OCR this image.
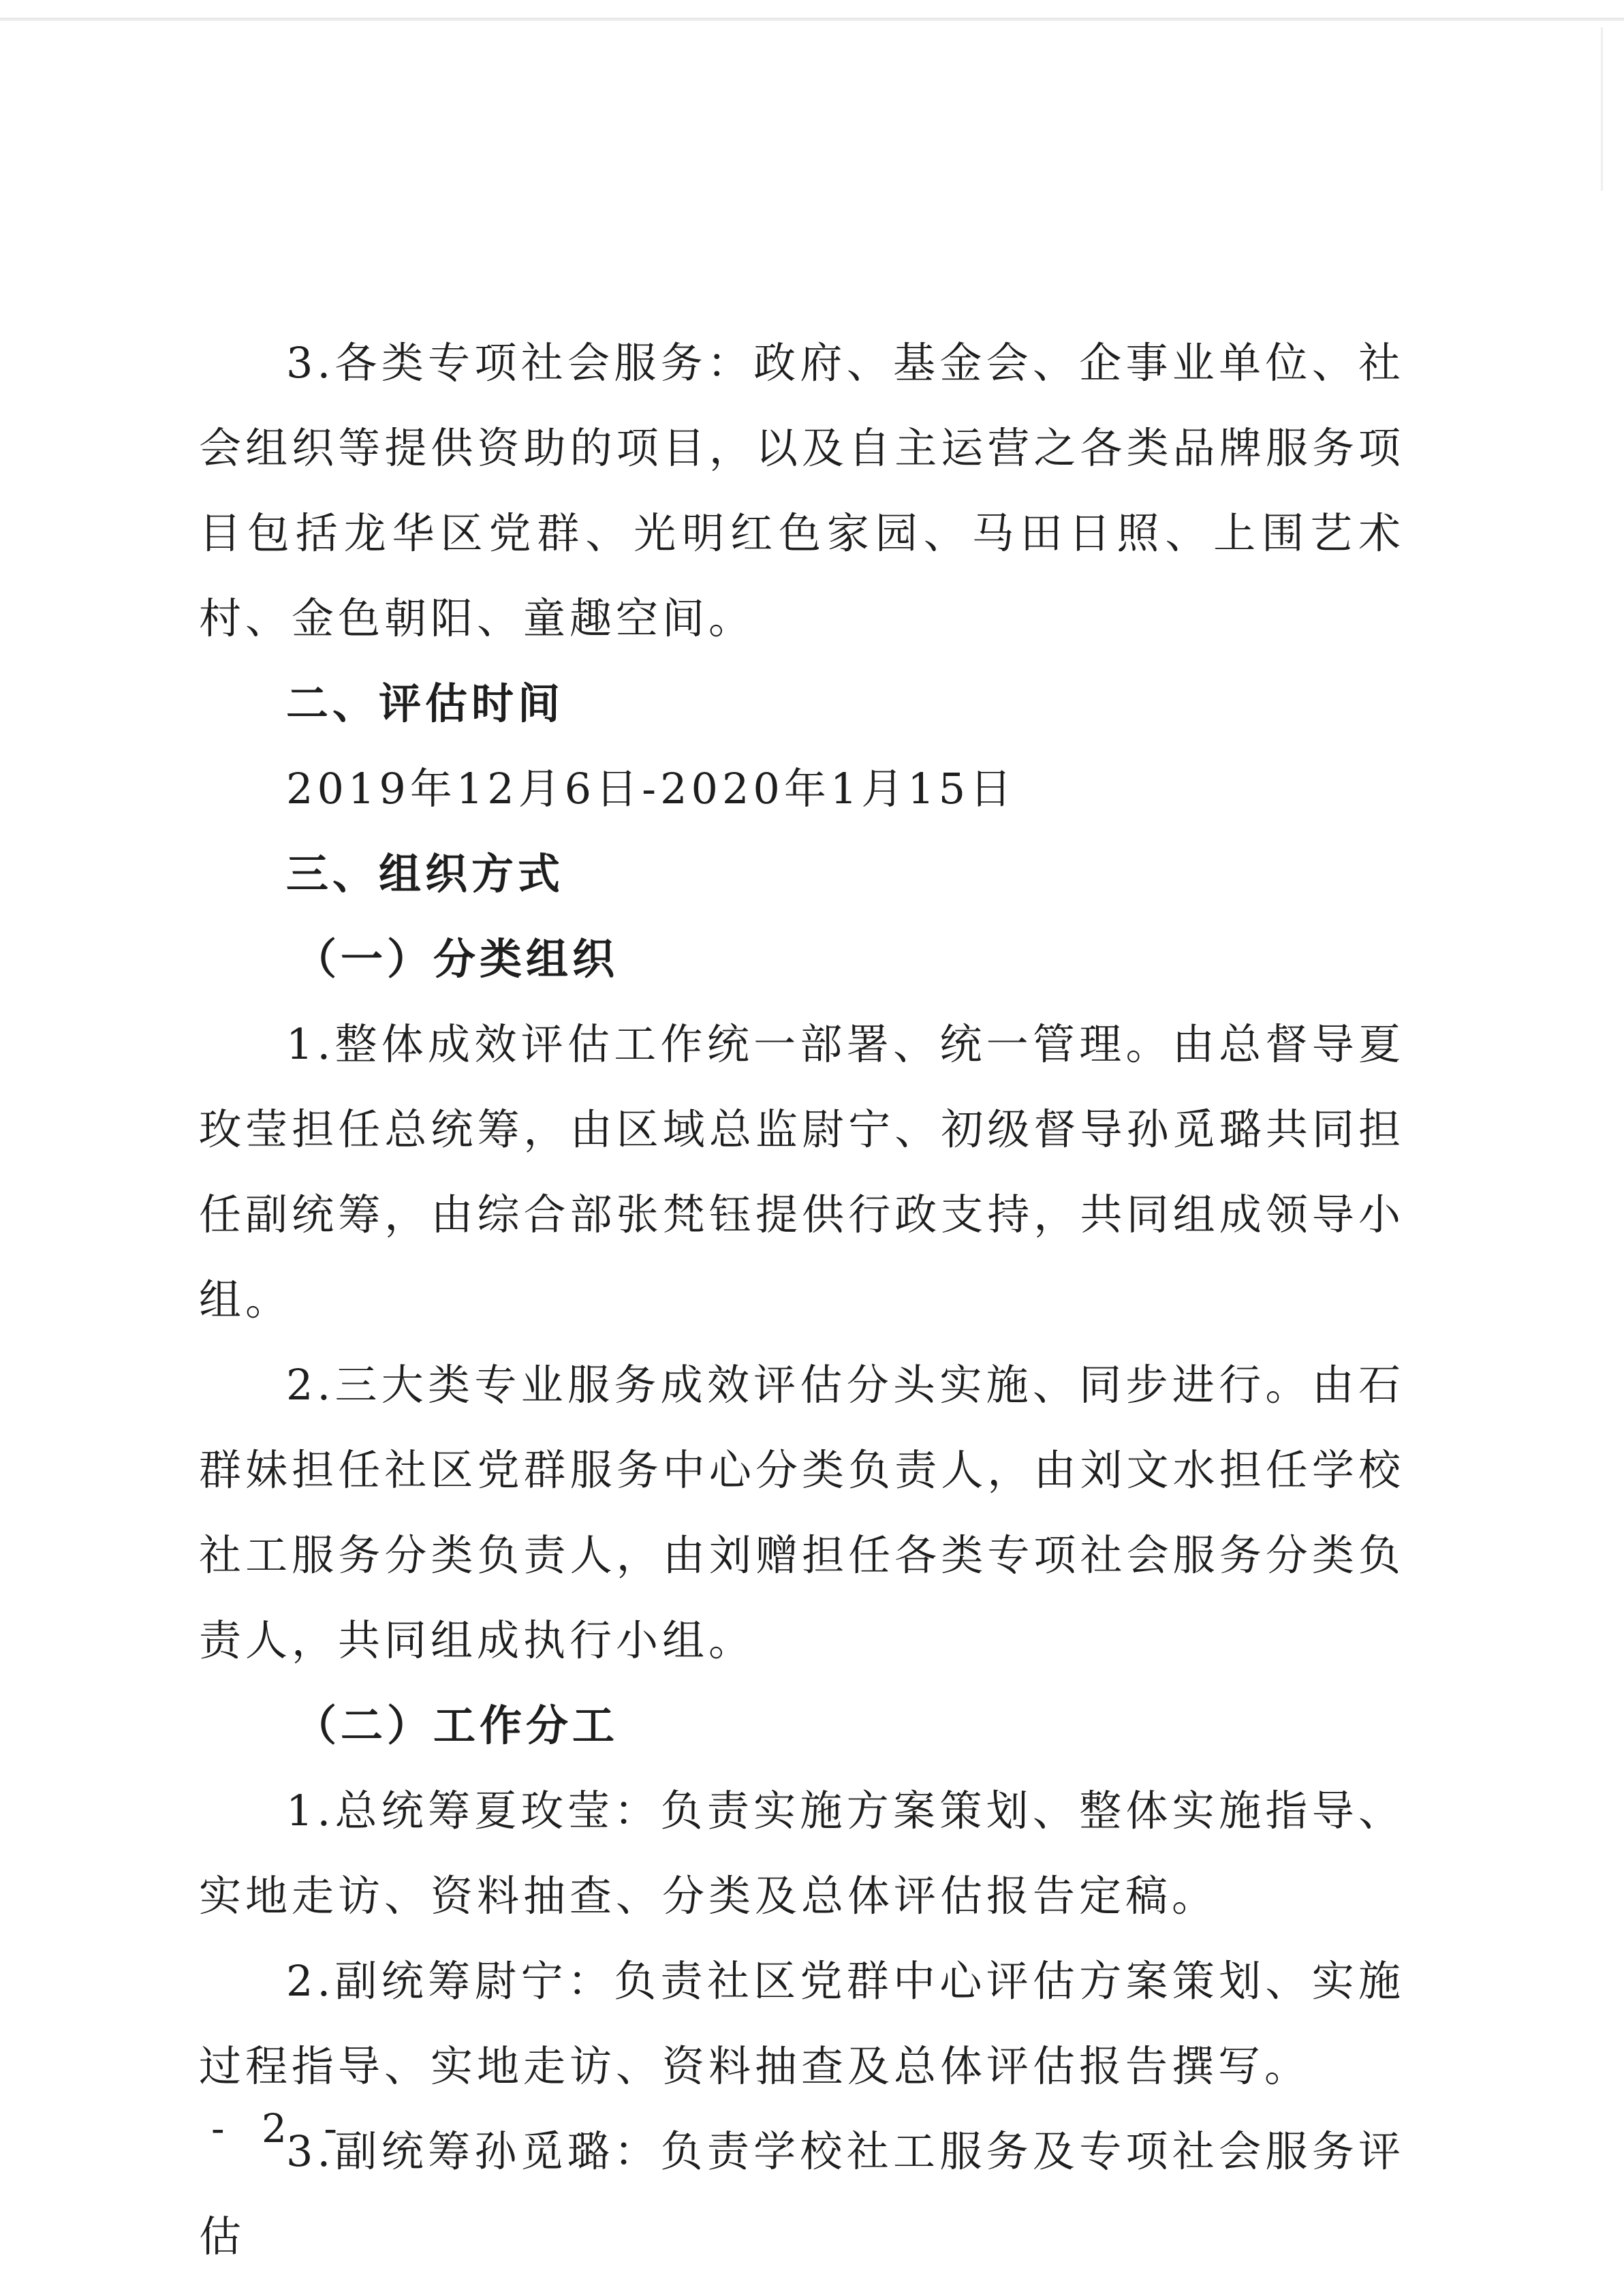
3.各类专项社会服务：政府、基金会、企事业单位、社会组织等提供资助的项目，以及自主运营之各类品牌服务项目包括龙华区党群、光明红色家园、马田日照、上围艺术村、金色朝阳、童趣空间。

二、评估时间

2019年12月6日-2020年1月15日

三、组织方式

（一）分类组织

1.整体成效评估工作统一部署、统一管理。由总督导夏玫莹担任总统筹，由区域总监尉宁、初级督导孙觅璐共同担任副统筹，由综合部张梵钰提供行政支持，共同组成领导小组。

2.三大类专业服务成效评估分头实施、同步进行。由石群妹担任社区党群服务中心分类负责人，由刘文水担任学校社工服务分类负责人，由刘赠担任各类专项社会服务分类负责人，共同组成执行小组。

（二）工作分工

1.总统筹夏玫莹：负责实施方案策划、整体实施指导、实地走访、资料抽查、分类及总体评估报告定稿。

2.副统筹尉宁：负责社区党群中心评估方案策划、实施过程指导、实地走访、资料抽查及总体评估报告撰写。

3.副统筹孙觅璐：负责学校社工服务及专项社会服务评估

- 2 -
